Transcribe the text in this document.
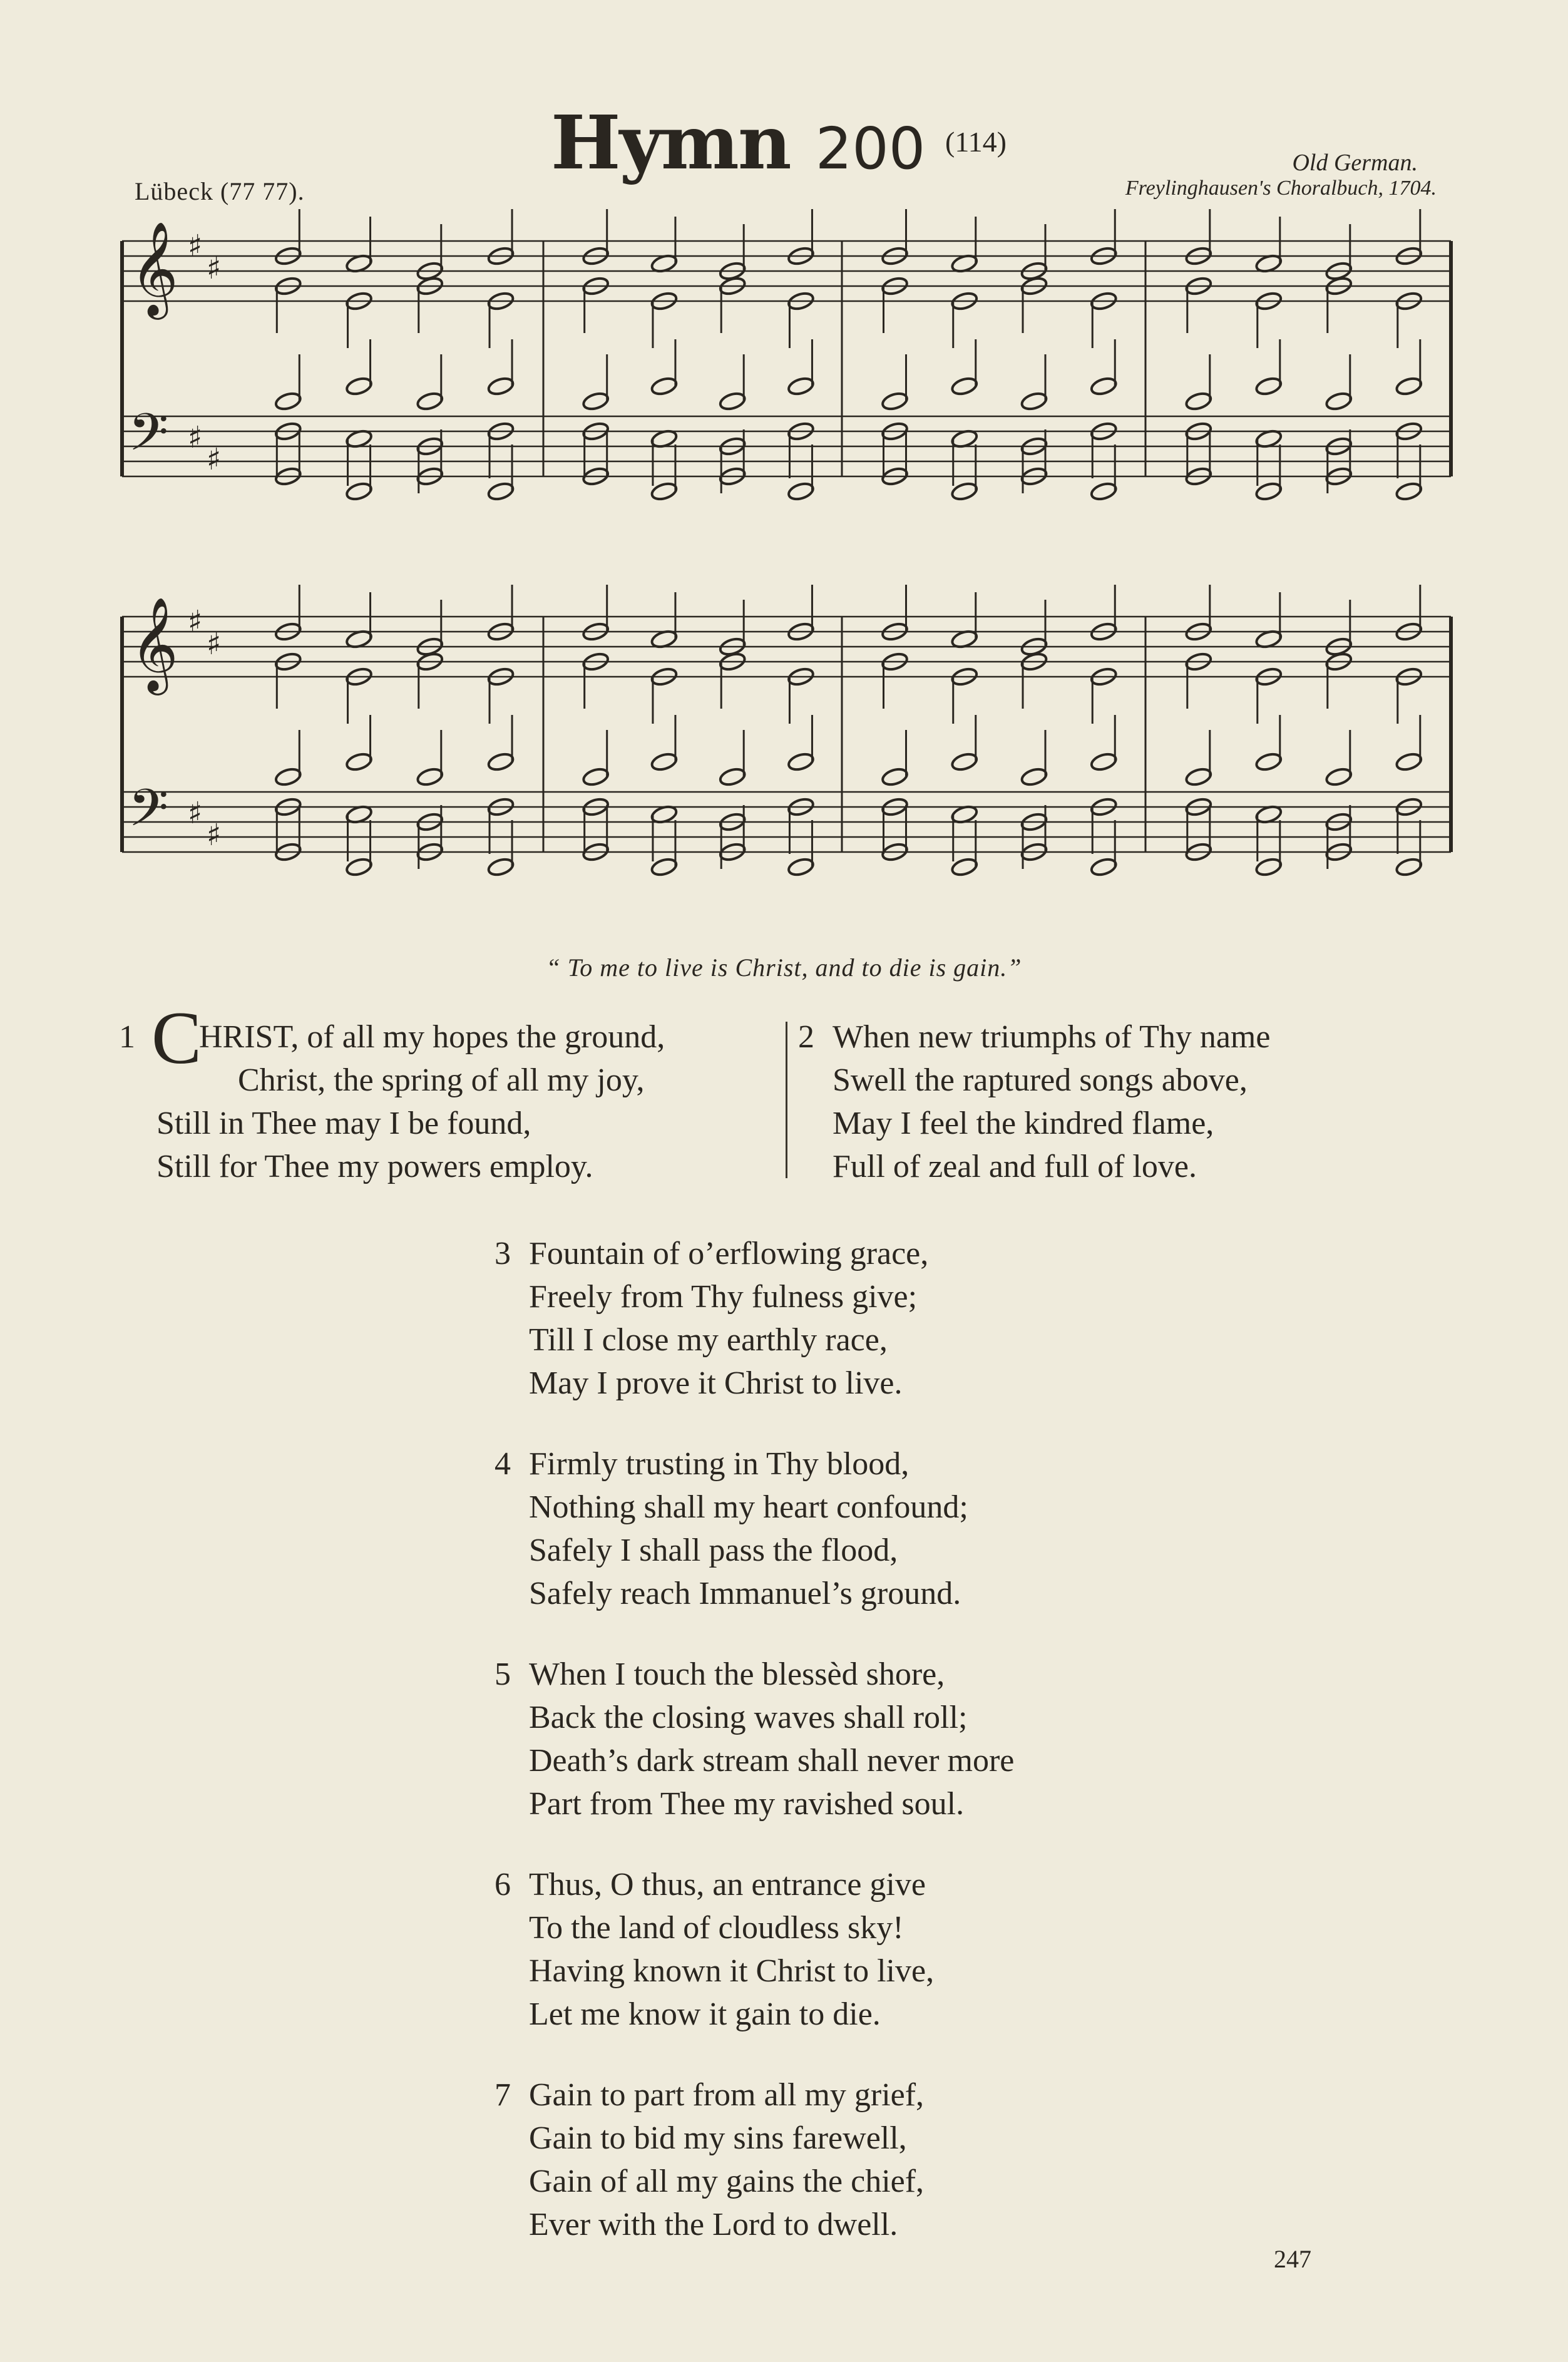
Hymn 200 (114)
Lübeck (77 77).
Old German.
Freylinghausen's Choralbuch, 1704.
𝄞
𝄢
♯
♯
♯
♯
𝄞
𝄢
♯
♯
♯
♯
“ To me to live is Christ, and to die is gain.”
1 C
HRIST, of all my hopes the ground,
Christ, the spring of all my joy,
Still in Thee may I be found,
Still for Thee my powers employ.
2 When new triumphs of Thy name
Swell the raptured songs above,
May I feel the kindred flame,
Full of zeal and full of love.
3 Fountain of o’erflowing grace,
Freely from Thy fulness give;
Till I close my earthly race,
May I prove it Christ to live.
4 Firmly trusting in Thy blood,
Nothing shall my heart confound;
Safely I shall pass the flood,
Safely reach Immanuel’s ground.
5 When I touch the blessèd shore,
Back the closing waves shall roll;
Death’s dark stream shall never more
Part from Thee my ravished soul.
6 Thus, O thus, an entrance give
To the land of cloudless sky!
Having known it Christ to live,
Let me know it gain to die.
7 Gain to part from all my grief,
Gain to bid my sins farewell,
Gain of all my gains the chief,
Ever with the Lord to dwell.
247
